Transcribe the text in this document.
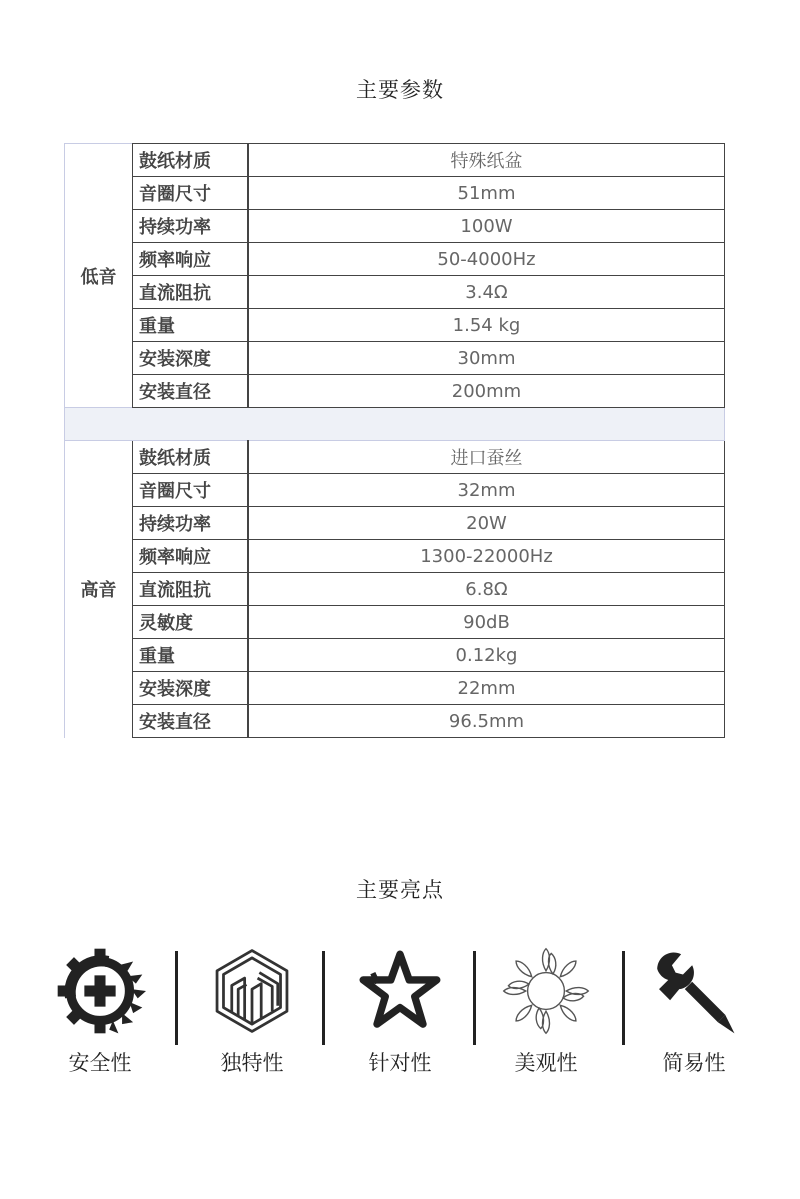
主要参数
低音	鼓纸材质	特殊纸盆
	音圈尺寸	51mm
	持续功率	100W
	频率响应	50-4000Hz
	直流阻抗	3.4Ω
	重量	1.54 kg
	安装深度	30mm
	安装直径	200mm

高音	鼓纸材质	进口蚕丝
	音圈尺寸	32mm
	持续功率	20W
	频率响应	1300-22000Hz
	直流阻抗	6.8Ω
	灵敏度	90dB
	重量	0.12kg
	安装深度	22mm
	安装直径	96.5mm
主要亮点
安全性	独特性	针对性	美观性	简易性
